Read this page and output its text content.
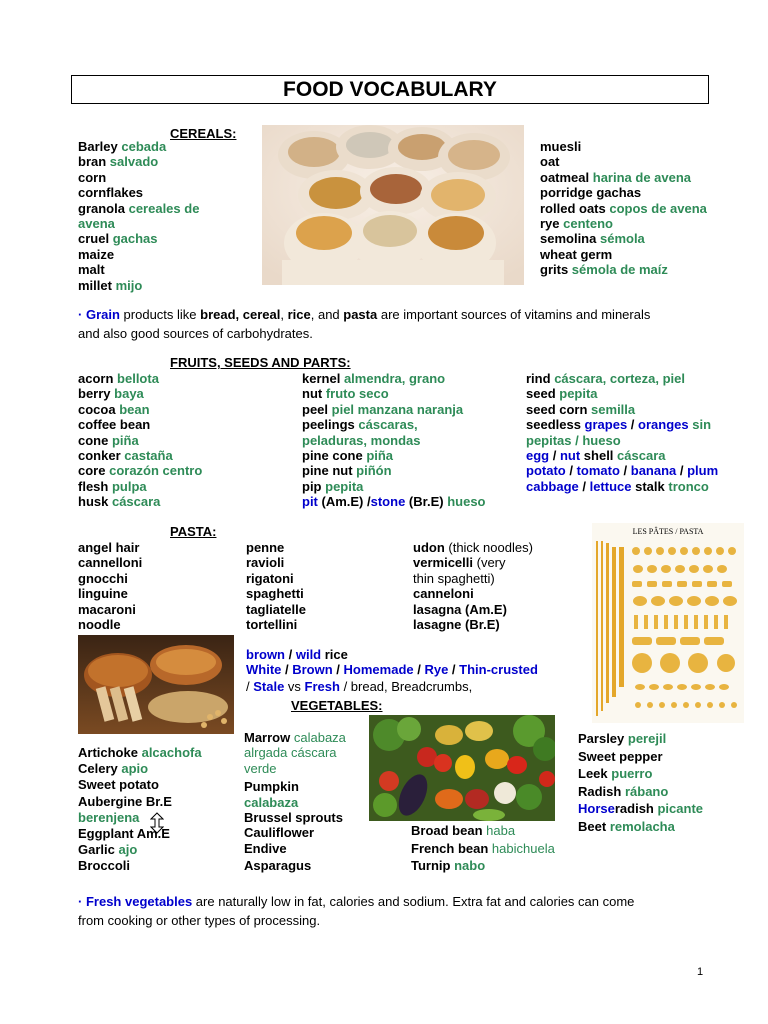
FOOD VOCABULARY
CEREALS:
Barley cebada
bran salvado
corn
cornflakes
granola cereales de
avena
cruel gachas
maize
malt
millet mijo
muesli
oat
oatmeal harina de avena
porridge gachas
rolled oats copos de avena
rye centeno
semolina sémola
wheat germ
grits sémola de maíz
· Grain products like bread, cereal, rice, and pasta are important sources of vitamins and minerals
and also good sources of carbohydrates.
FRUITS, SEEDS AND PARTS:
acorn bellota
berry baya
cocoa bean
coffee bean
cone piña
conker castaña
core corazón centro
flesh pulpa
husk cáscara
kernel almendra, grano
nut fruto seco
peel piel manzana naranja
peelings cáscaras,
peladuras, mondas
pine cone piña
pine nut piñón
pip pepita
pit (Am.E) /stone (Br.E) hueso
rind cáscara, corteza, piel
seed pepita
seed corn semilla
seedless grapes / oranges sin
pepitas / hueso
egg / nut shell cáscara
potato / tomato / banana / plum
cabbage / lettuce stalk tronco
PASTA:
angel hair
cannelloni
gnocchi
linguine
macaroni
noodle
penne
ravioli
rigatoni
spaghetti
tagliatelle
tortellini
udon (thick noodles)
vermicelli (very
thin spaghetti)
canneloni
lasagna (Am.E)
lasagne (Br.E)
LES PÂTES / PASTA
brown / wild rice
White / Brown / Homemade / Rye / Thin-crusted
/ Stale vs Fresh / bread, Breadcrumbs,
VEGETABLES:
Artichoke alcachofa
Celery apio
Sweet potato
Aubergine Br.E
berenjena
Eggplant Am.E
Garlic ajo
Broccoli
Marrow calabaza
alrgada cáscara
verde
Pumpkin
calabaza
Brussel sprouts
Cauliflower
Endive
Asparagus
Broad bean haba
French bean habichuela
Turnip nabo
Parsley perejil
Sweet pepper
Leek puerro
Radish rábano
Horseradish picante
Beet remolacha
· Fresh vegetables are naturally low in fat, calories and sodium. Extra fat and calories can come
from cooking or other types of processing.
1
